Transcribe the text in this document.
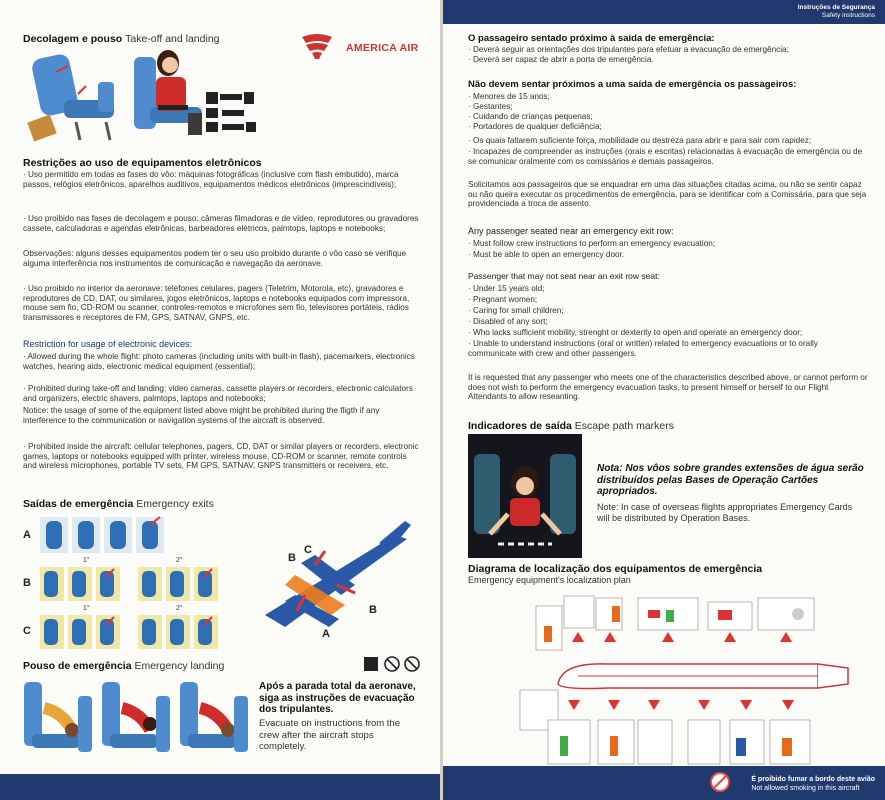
Decolagem e pouso Take-off and landing
AMERICA AIR
Restrições ao uso de equipamentos eletrônicos
· Uso permitido em todas as fases do vôo: máquinas fotográficas (inclusive com flash embutido), marca passos, relógios eletrônicos, aparelhos auditivos, equipamentos médicos eletrônicos (imprescindíveis);
· Uso proibido nas fases de decolagem e pouso: câmeras filmadoras e de vídeo, reprodutores ou gravadores cassete, calculadoras e agendas eletrônicas, barbeadores elétricos, palmtops, laptops e notebooks;
Observações: alguns desses equipamentos podem ter o seu uso proibido durante o vôo caso se verifique alguma interferência nos instrumentos de comunicação e navegação da aeronave.
· Uso proibido no interior da aeronave: telefones celulares, pagers (Teletrim, Motorola, etc), gravadores e reprodutores de CD, DAT, ou similares, jogos eletrônicos, laptops e notebooks equipados com impressora, mouse sem fio, CD-ROM ou scanner, controles-remotos e microfones sem fio, televisores portáteis, rádios transmissores e receptores de FM, GPS, SATNAV, GNPS, etc.
Restriction for usage of electronic devices:
· Allowed during the whole flight: photo cameras (including units with built-in flash), pacemarkers, electronics watches, hearing aids, electronic medical equipment (essential);
· Prohibited during take-off and landing: video cameras, cassette players or recorders, electronic calculators and organizers, electric shavers, palmtops, laptops and notebooks;
Notice: the usage of some of the equipment listed above might be prohibited during the fligth if any interference to the communication or navigation systems of the aircraft is observed.
· Prohibited inside the aircraft: cellular telephones, pagers, CD, DAT or similar players or recorders, electronic games, laptops or notebooks equipped with printer, wireless mouse, CD-ROM or scanner, remote controls and wireless microphones, portable TV sets, FM GPS, SATNAV, GNPS transmitters or receivers, etc.
Saídas de emergência Emergency exits
A
B
C
1°	2°
1°	2°
B
C
B
A
Pouso de emergência Emergency landing
Após a parada total da aeronave, siga as instruções de evacuação dos tripulantes.
Evacuate on instructions from the crew after the aircraft stops completely.
Instruções de Segurança
Safety instructions
O passageiro sentado próximo à saída de emergência:
· Deverá seguir as orientações dos tripulantes para efetuar a evacuação de emergência;
· Deverá ser capaz de abrir a porta de emergência.
Não devem sentar próximos a uma saída de emergência os passageiros:
· Menores de 15 anos;
· Gestantes;
· Cuidando de crianças pequenas;
· Portadores de qualquer deficiência;
· Os quais faltarem suficiente força, mobilidade ou destreza para abrir e para sair com rapidez;
· Incapazes de compreender as instruções (orais e escritas) relacionadas à evacuação de emergência ou de se comunicar oralmente com os comissários e demais passageiros.
Solicitamos aos passageiros que se enquadrar em uma das situações citadas acima, ou não se sentir capaz ou não queira executar os procedimentos de emergência, para se identificar com a Comissária, para que seja providenciada a troca de assento.
Any passenger seated near an emergency exit row:
· Must follow crew instructions to perform an emergency evacuation;
· Must be able to open an emergency door.
Passenger that may not seat near an exit row seat:
· Under 15 years old;
· Pregnant women;
· Caring for small children;
· Disabled of any sort;
· Who lacks sufficient mobility, strenght or dexterity to open and operate an emergency door;
· Unable to understand instructions (oral or written) related to emergency evacuations or to orally communicate with crew and other passengers.
It is requested that any passenger who meets one of the characteristics described above, or cannot perform or does not wish to perform the emergency evacuation tasks, to present himself or herself to our Flight Attendants to allow reseanting.
Indicadores de saída Escape path markers
Nota: Nos vôos sobre grandes extensões de água serão distribuídos pelas Bases de Operação Cartões apropriados.
Note: In case of overseas flights appropriates Emergency Cards will be distributed by Operation Bases.
Diagrama de localização dos equipamentos de emergência
Emergency equipment's localization plan
É proibido fumar a bordo deste avião
Not allowed smoking in this aircraft
